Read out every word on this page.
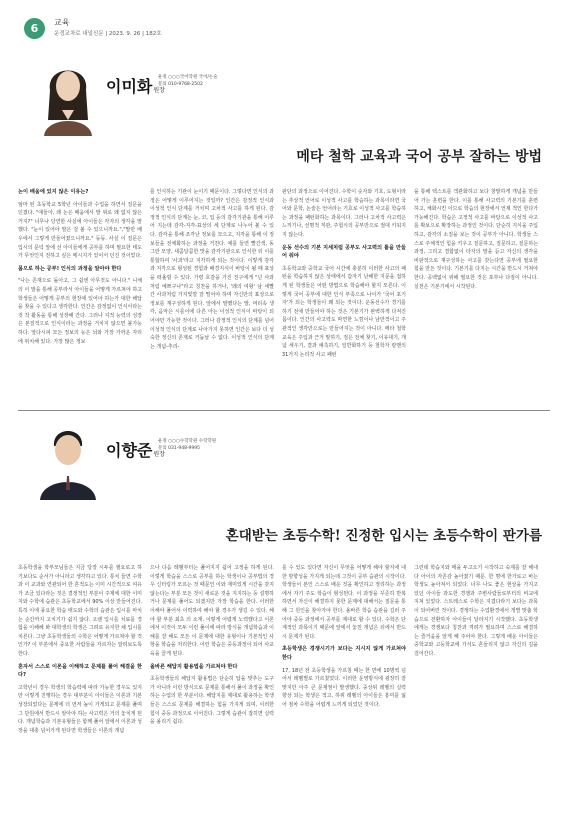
6	교육
운정교차로 내일신문 | 2023. 9. 26 | 182호
이미화원장
운정 ○○○국어학원 국어/논술
문의 010-9768-2502
메타 철학 교육과 국어 공부 잘하는 방법

논이 배움에 있지 않은 이유는?

엄마 된 초등학교 5학년 아이들과 수업을 하면서 질문을 던졌다. "얘들아, 왜 논은 배움에서 발 위로 왜 없지 않은 거지?" 너무나 당연한 사실에 아이들은 각자의 생각을 말했다. "눈이 있어야 말은 걸 볼 수 있으니까요.","말만 배우에서 그렇게 만들어졌으니까요." 등등. 사실 이 질문은 입시의 문턱 앞에 선 아이들에게 공부를 하며 필요한 태도가 무엇인지 전하고 싶은 메시지가 있어서 던진 것이었다.

몸으로 하는 공부! 인식의 과정을 알아야 한다

"나는 존재으로 돌아고, 그 쉽엔 아무것도 아니다." 니체의 이 말을 통해 공부라서 아이들을 어떻게 가르쳐야 하고 학생들은 어떻게 공부의 현장에 있어야 하는가 대한 해답을 찾을 수 있다고 생각한다. 인간은 감정없이 인식이라는 것 작 활동을 통해 성장해 간다. 그러나 지적 능력의 성장은 본질적으로 인식이라는 과정을 거치지 않으면 불가능하다. 앞다시피 모든 정보의 능은 뇌와 가장 가까운 자리에 위치해 있다. 가장 많은 정보

를 인식하는 기관이 눈이기 때문이다. 그렇다면 인식의 과정은 어떻게 이루어지는 것일까? 인간은 감정적 인식과 이성적 인식 단계를 거치며 고차적 사고를 하게 된다. 감정적 인식의 단계는 눈, 코, 입 등의 감각기관을 통해 이루어 지는데 감각-지각-표상의 세 단계로 나누어 볼 수 있다. 감각을 통해 조각난 정보를 모으고, 지각을 통해 이 정보들을 전체화하는 과정을 거친다. 예를 들면 빨간색, 동그란 모양, 새콤달콤한 맛을 감각기관으로 인식한 뒤 이를 통합하여 '사과'라고 지각하게 되는 것이다. 이렇게 감각과 지각으로 형성된 경험과 배경지식이 바탕이 될 때 표상을 떠올릴 수 있다. 가령 호감을 가진 친구에게 "넌 사과처럼 예쁘구나"라고 칭찬을 하거나, '왜의 여왕' 남 세빨간 사과처럼 가지빛깔 잘 떨어야 하며 자신만의 표상으로 정보를 재구성하게 된다. 앞에서 말했다는 말, 머리속 생각, 음악은 시를이에 다른 아는 이성적 인식이 바탕이 되어야만 가능한 것이다. 그러나 감정적 인식의 단계를 넘어 이성적 인식의 단계로 나아가지 못하면 인간은 보다 더 성숙한 정신의 존재로 거듭날 수 없다. 이성적 인식의 단계는 개념-추리-

판단의 과정으로 이어진다. 수학이 숫자와 기호, 도형이라는 추상적 언어로 이성적 사고를 학습하는 과목이라면 국어와 문학, 논술은 언어라는 기호로 이성적 사고를 학습하는 과정을 패턴화하는 과목이다. 그러나 고차적 사고력은 느끼기나, 선명적 직관, 주험식의 공부만으로 절대 키워지지 않는다.

운동 선수의 기본 지세처럼 공부도 사고력의 틀을 만들어 줘야

초등학교와 중학교 국어 시간에 충분히 이러한 사고의 패턴을 학습하지 않은 상태에서 갑자기 난해한 지문을 접하게 된 학생들은 어떤 방법으로 학습해야 할지 모른다. 이렇게 국어 공부에 대한 인식 부족으로 나이가 '국어 포기자'가 되는 학생들이 꽤 되는 것이다. 운동선수가 경기를 하기 전에 만들어야 하는 것은 기본기가 완벽하게 다져진 몸이다. 인간의 사고력도 막연한 느낌이나 남만적이고 주관적인 생각만으로는 만들어지는 것이 아니다. 메타 철학 교육은 주입과 근거 말하기, 검은 전체 찾기, 이유대기, 개념 세우기, 결과 예측하기, 일반화하기 등 철학자 칼맨의 31가지 논리적 사고 패턴

을 통해 텍스트를 객관화하고 보다 창발하게 개념을 만들어 가는 훈련을 한다. 이를 통해 사고력의 기본기를 훈련하고, 체화시킨 이므로 학습의 현장에서 언제 적인 한다가 가능해진다. 학습은 고정적 사고를 바탕으로 이성적 사고를 확보으로 확장하는 과정인 것이다. 단순히 지식을 주입하고, 감각의 소질을 보는 것이 공부가 아니다. 학생들 스스로 주체적인 힘을 키우고 질문하고, 질문하고, 질문하는 과정, 그리고 결합없이 타자의 말을 듣고 자신의 생각을 비판적으로 재구성하는 사고를 갖는다면 공부에 필요한 힘을 만든 것이다. 기본기를 다지는 시간을 반드시 거쳐야 한다. 공백없이 위해 필요한 것은 포부나 다짐이 아니다. 실천은 기본기에서 시작된다.

이향준원장
운정 ○○○수학학원 수학학원
문의 031-948-9995
혼대받는 초등수학! 진정한 입시는 초등수학이 판가름

초등학생을 학부모님들은 지금 당장 시두를 필요로고 하기보다도 순서가 아니라고 생각하고 있다. 통치 들면 수학과 이 교과와 연관되어 한 흔적도는 이미 시간적으로 여유가 조금 있다라는 것은 결정적인 부분이 주제에 대한 이미지와 수학에 습관은 초등학교에서 90% 이상 만들어진다. 특히 이에 풍요한 학습 태도와 수학의 습관은 입시를 마치는 순간까지 고치기가 쉽지 않다. 오랜 입시를 치료를 경험을 이해해 봐 대학생의 학생은 그려로 유지한 채 입시를 치른다. 그냥 초등학생들의 수학은 어떻게 가르쳐야 할 것인가? 이 부분에서 중요한 사람들을 자르자는 알려보도록 한다.

혼자서 스스로 이론을 이해하고 문제를 풀어 해결을 한다?

고학년이 경우 학생의 학습력에 따라 가능한 경우도 있지만 이렇게 진행하는 경우 대부분이 아이들은 이론과 기본 성장되었다는 문제에 더 먼저 높이 가게되고 문제를 풀며 그 단원에서 반드시 알아야 하는 사고력은 거의 놓치게 된다. 개념학습과 기본유형들은 함께 풀어 앞에서 이론과 성장을 대충 넘어가게 된다면 학생들은 이론의 개념

으나 다음 레벨부터는 풀어지지 쉽어 고정을 하게 된다. 이렇게 학습을 스스로 공부를 하는 학생이나 공부법의 경우 신터링가 모르는 것 때문인 이와 재미있게 시간을 갖지 않는다는 부분 모든 것이 새로운 것을 지지하는 등 설명하거나 문제를 풀어도 되겠지만 가장 학습을 한다. 이러한 이해야 풀어서 이력하여 해야 할 경우가 생길 수 있다. 해야 할 부분 최초 의 소재. 이렇게 어렵게 노력했다고 이론에서 이것이 모두 이런 풀이에 따라 방식을 개념학습과 이해를 잘 해도 모든 이 문제에 대한 유형이나 기본적인 사항을 학습을 처리한다. 이런 학습은 중등과정이 되어 사교육을 끌게 된다.

올바른 해답지 활용법을 가르쳐야 한다

초등학생들의 해답지 활용법은 단순히 답을 맞추는 도구가 아니라 이런 방식으로 문제를 통해서 풀이 과정을 확인하는 수업의 한 부분이다. 해답지를 제대로 활용하는 학생들은 스스로 문제를 해결하는 힘을 가지게 되며, 이러한 힘이 중등 과정으로 이어진다. 그렇게 습관이 잡히면 실력을 올리기 쉽다.

를 수 있도 있다면 자신이 무엇을 어떻게 해야 할지에 대한 방향성을 가지게 되는데 그것이 공부 습관의 시작이다. 학생들이 본인 스스로 배운 것을 확인하고 정리하는 과정에서 자기 주도 학습이 형성된다. 이 과정을 꾸준히 반복하면서 자신이 해결하지 못한 문제에 대해서는 질문을 통해 그 원인을 찾아가야 한다. 올바른 학습 습관을 길러 주어야 중등 과정에서 공부를 제대로 할 수 있다. 수학은 단계적인 과목이기 때문에 앞에서 놓친 개념은 뒤에서 반드시 문제가 된다.

초등학생은 경쟁시기가 보다는 지시지 않게 가르쳐야 한다

17, 18년 전 초등학생을 가르침 때는 한 반에 10명씩 넘어서 레벨별로 가르쳤었다. 이러한 운영방식에 굉장히 잘맞지만 아주 큰 문제점이 발생했다. 중상위 레벨의 실력 향상 되는 학생은 적고, 하위 레벨의 아이들은 흥미를 잃어 점차 수학을 어렵게 느끼게 되었던 것이다.

그런데 학습지와 매을 두고오기 시작하고 숙제를 잘 해내다 아이의 자존감 높아졌기 때문. 한 명에 한가로고 바는 학생도 높아져서 되었다. 너무 나도 좋은 현상을 가지고 있던 아이들 과도한 경쟁과 주변사람들로부터의 비교에 지쳐 있었다. 스트레스로 수학은 지겹다라기 보다는 과목이 되어버린 것이다. 경쟁하는 수업환경에서 개별 맞춤 학습으로 전환하자 아이들이 달라지기 시작했다. 초등학생에게는 경쟁보다 칭찬과 격려가 필요하며 스스로 해결하는 즐거움을 알게 해 주어야 한다. 그렇게 배운 아이들은 중학교와 고등학교에 가서도 흔들리지 않고 자신의 길을 걸어간다.
